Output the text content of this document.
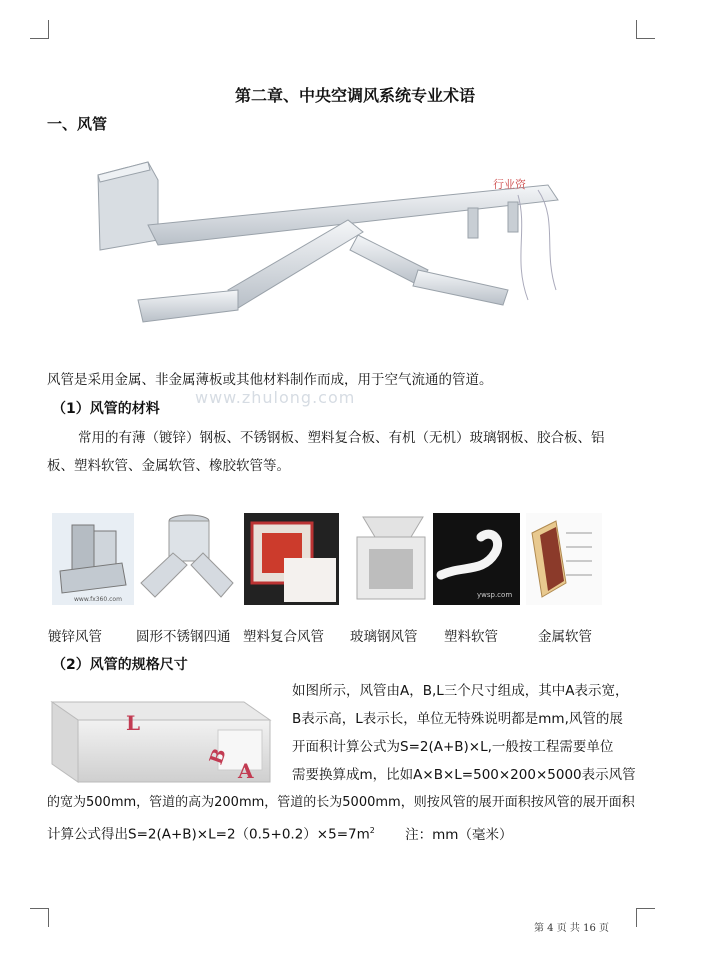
第二章、中央空调风系统专业术语
一、风管
行业资
风管是采用金属、非金属薄板或其他材料制作而成，用于空气流通的管道。
www.zhulong.com
（1）风管的材料
常用的有薄（镀锌）钢板、不锈钢板、塑料复合板、有机（无机）玻璃钢板、胶合板、铝
板、塑料软管、金属软管、橡胶软管等。
www.fx360.com
ywsp.com
镀锌风管	圆形不锈钢四通 塑料复合风管 玻璃钢风管 塑料软管	金属软管
（2）风管的规格尺寸
L
B
A
如图所示，风管由A，B,L三个尺寸组成，其中A表示宽，
B表示高，L表示长，单位无特殊说明都是mm,风管的展
开面积计算公式为S=2(A+B)×L,一般按工程需要单位
需要换算成m，比如A×B×L=500×200×5000表示风管
的宽为500mm，管道的高为200mm，管道的长为5000mm，则按风管的展开面积按风管的展开面积
计算公式得出$S=2(A+B)\times L=2(0.5+0.2)\times 5=7m^2$ 注：mm（毫米）
第 4 页 共 16 页
